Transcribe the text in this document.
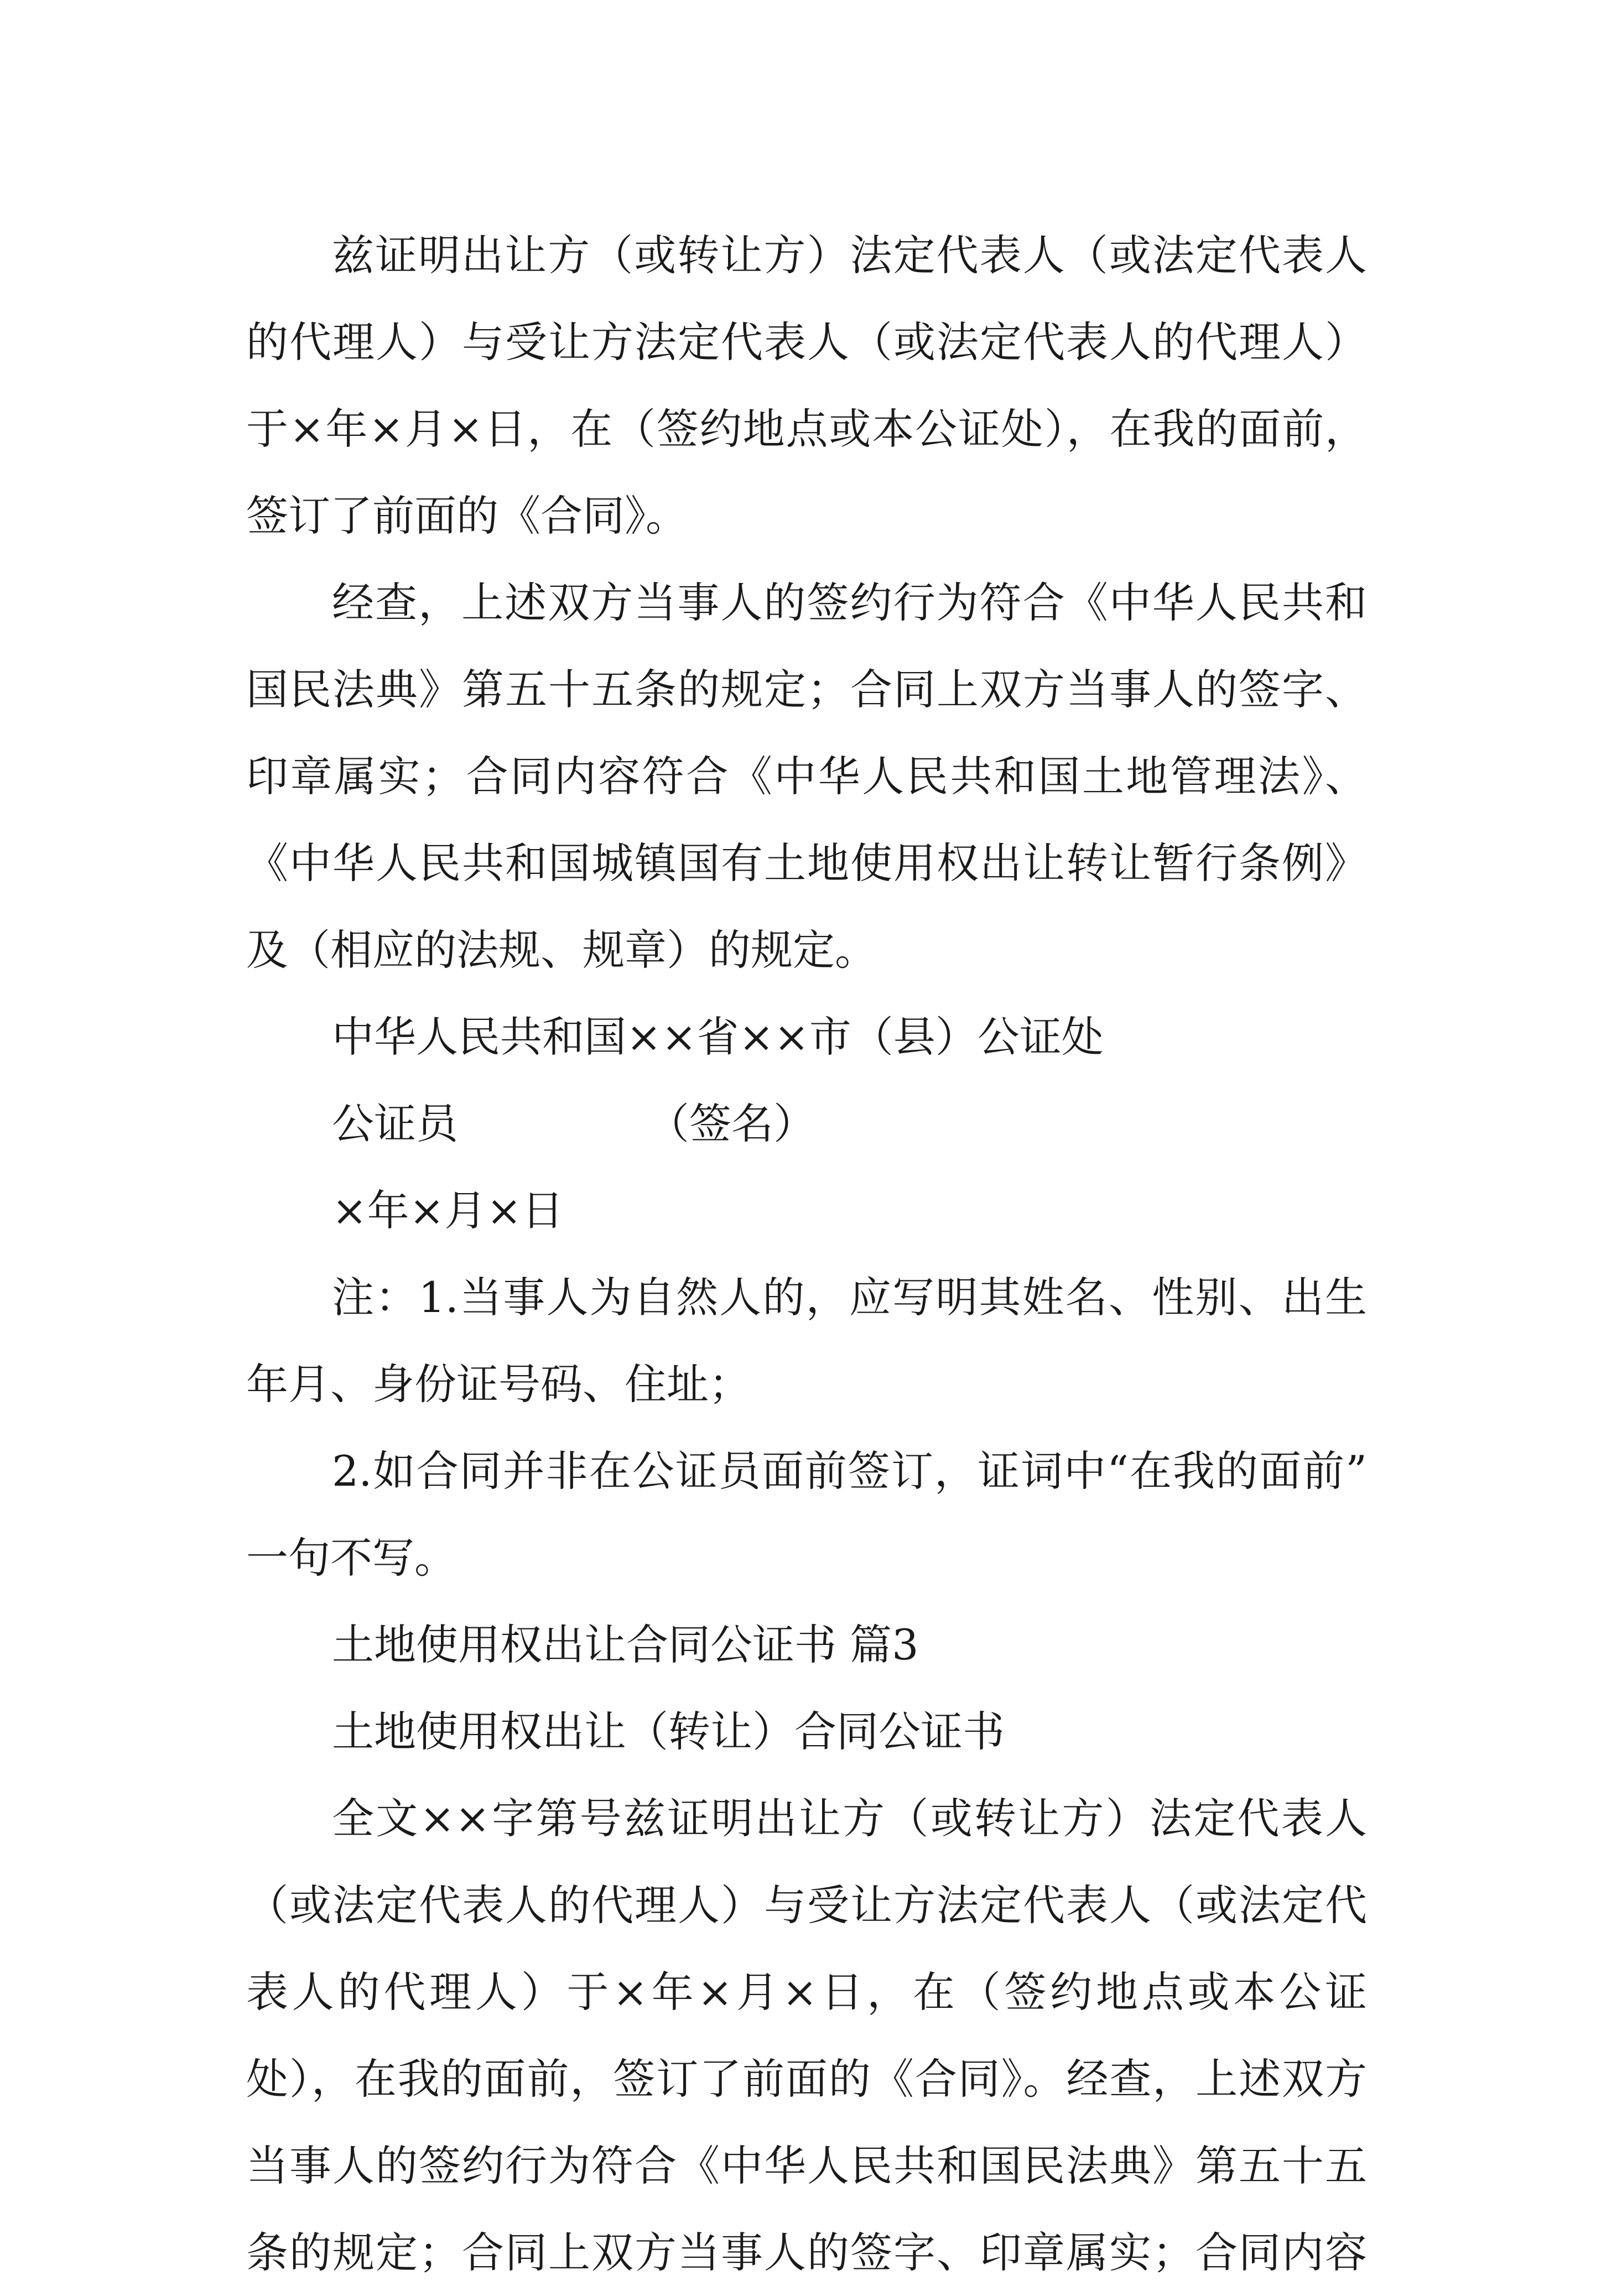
兹证明出让方（或转让方）法定代表人（或法定代表人
的代理人）与受让方法定代表人（或法定代表人的代理人）
于×年×月×日，在（签约地点或本公证处），在我的面前，
签订了前面的《合同》。
经查，上述双方当事人的签约行为符合《中华人民共和
国民法典》第五十五条的规定；合同上双方当事人的签字、
印章属实；合同内容符合《中华人民共和国土地管理法》、
《中华人民共和国城镇国有土地使用权出让转让暂行条例》
及（相应的法规、规章）的规定。
中华人民共和国××省××市（县）公证处
公证员　　　　　（签名）
×年×月×日
注：1.当事人为自然人的，应写明其姓名、性别、出生
年月、身份证号码、住址；
2.如合同并非在公证员面前签订，证词中“在我的面前”
一句不写。
土地使用权出让合同公证书 篇3
土地使用权出让（转让）合同公证书
全文××字第号兹证明出让方（或转让方）法定代表人
（或法定代表人的代理人）与受让方法定代表人（或法定代
表人的代理人）于×年×月×日，在（签约地点或本公证
处），在我的面前，签订了前面的《合同》。经查，上述双方
当事人的签约行为符合《中华人民共和国民法典》第五十五
条的规定；合同上双方当事人的签字、印章属实；合同内容
